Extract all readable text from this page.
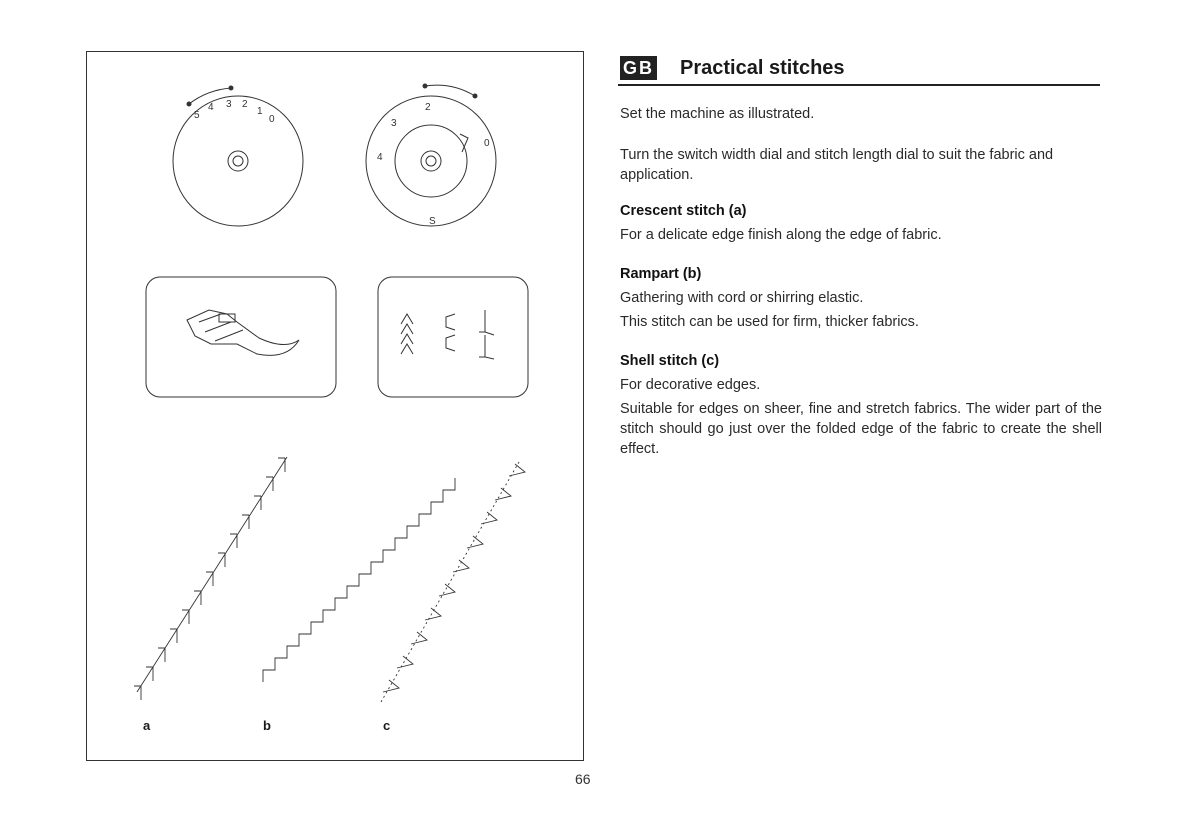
5
4 3 2
1
0
2
3
4
0
S
a	b	c
66
GB Practical stitches

Set the machine as illustrated.

Turn the switch width dial and stitch length dial to suit the fabric and application.

Crescent stitch (a)

For a delicate edge finish along the edge of fabric.

Rampart (b)

Gathering with cord or shirring elastic.

This stitch can be used for firm, thicker fabrics.

Shell stitch (c)

For decorative edges.

Suitable for edges on sheer, fine and stretch fabrics. The wider part of the stitch should go just over the folded edge of the fabric to create the shell effect.
